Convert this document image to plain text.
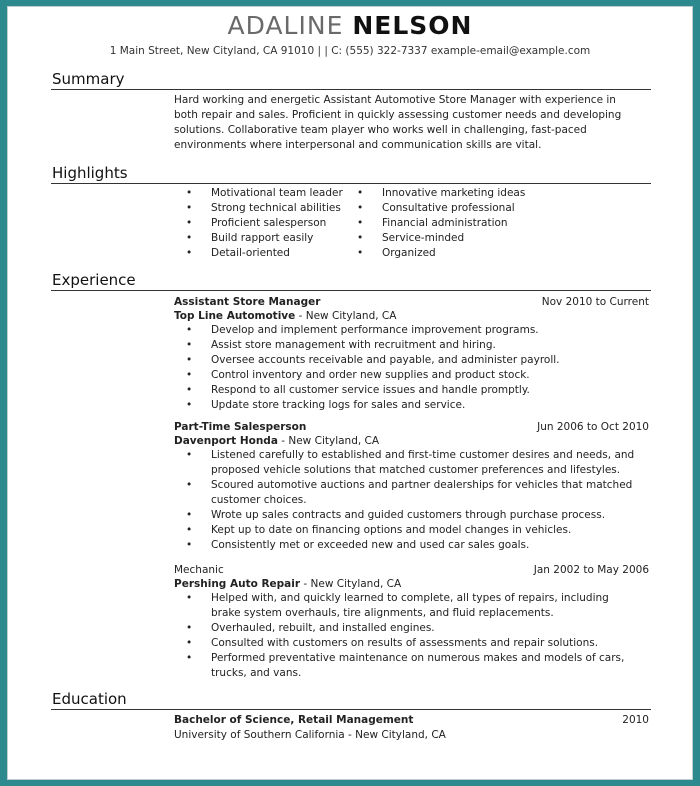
ADALINE NELSON
1 Main Street, New Cityland, CA 91010 | | C: (555) 322-7337 example-email@example.com
Summary
Hard working and energetic Assistant Automotive Store Manager with experience in both repair and sales. Proficient in quickly assessing customer needs and developing solutions. Collaborative team player who works well in challenging, fast-paced environments where interpersonal and communication skills are vital.
Highlights
• Motivational team leader
• Strong technical abilities
• Proficient salesperson
• Build rapport easily
• Detail-oriented
• Innovative marketing ideas
• Consultative professional
• Financial administration
• Service-minded
• Organized
Experience
Assistant Store Manager	Nov 2010 to Current
Top Line Automotive - New Cityland, CA
• Develop and implement performance improvement programs.
• Assist store management with recruitment and hiring.
• Oversee accounts receivable and payable, and administer payroll.
• Control inventory and order new supplies and product stock.
• Respond to all customer service issues and handle promptly.
• Update store tracking logs for sales and service.
Part-Time Salesperson	Jun 2006 to Oct 2010
Davenport Honda - New Cityland, CA
• Listened carefully to established and first-time customer desires and needs, and proposed vehicle solutions that matched customer preferences and lifestyles.
• Scoured automotive auctions and partner dealerships for vehicles that matched customer choices.
• Wrote up sales contracts and guided customers through purchase process.
• Kept up to date on financing options and model changes in vehicles.
• Consistently met or exceeded new and used car sales goals.
Mechanic	Jan 2002 to May 2006
Pershing Auto Repair - New Cityland, CA
• Helped with, and quickly learned to complete, all types of repairs, including brake system overhauls, tire alignments, and fluid replacements.
• Overhauled, rebuilt, and installed engines.
• Consulted with customers on results of assessments and repair solutions.
• Performed preventative maintenance on numerous makes and models of cars, trucks, and vans.
Education
Bachelor of Science, Retail Management	2010
University of Southern California - New Cityland, CA
